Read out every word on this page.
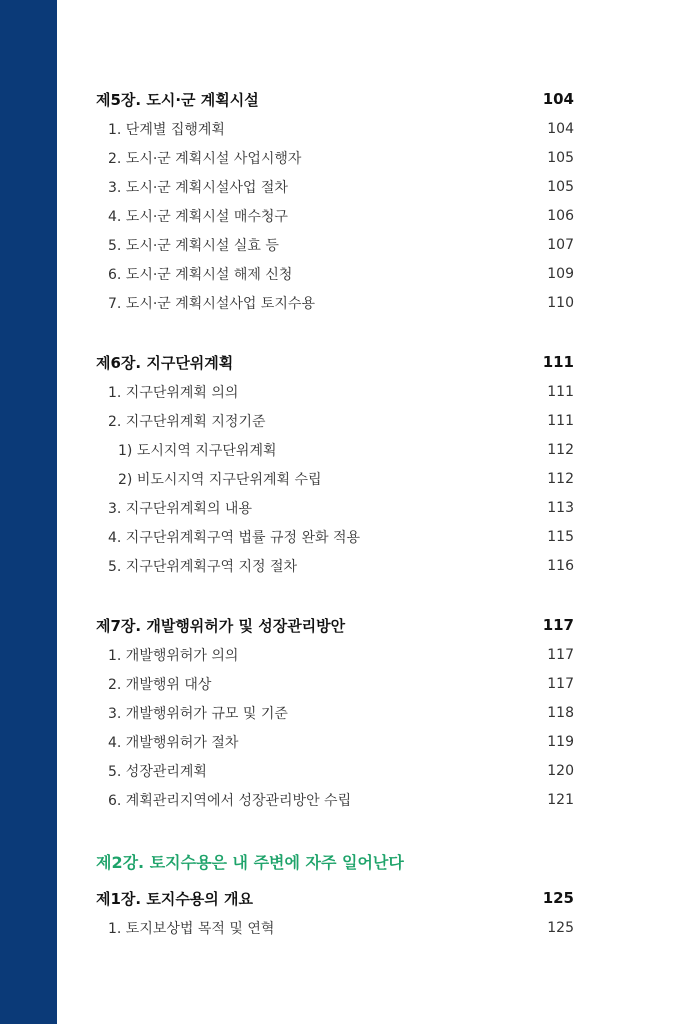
제5장. 도시·군 계획시설	104
1. 단계별 집행계획	104
2. 도시·군 계획시설 사업시행자	105
3. 도시·군 계획시설사업 절차	105
4. 도시·군 계획시설 매수청구	106
5. 도시·군 계획시설 실효 등	107
6. 도시·군 계획시설 해제 신청	109
7. 도시·군 계획시설사업 토지수용	110
제6장. 지구단위계획	111
1. 지구단위계획 의의	111
2. 지구단위계획 지정기준	111
1) 도시지역 지구단위계획	112
2) 비도시지역 지구단위계획 수립	112
3. 지구단위계획의 내용	113
4. 지구단위계획구역 법률 규정 완화 적용	115
5. 지구단위계획구역 지정 절차	116
제7장. 개발행위허가 및 성장관리방안	117
1. 개발행위허가 의의	117
2. 개발행위 대상	117
3. 개발행위허가 규모 및 기준	118
4. 개발행위허가 절차	119
5. 성장관리계획	120
6. 계획관리지역에서 성장관리방안 수립	121
제2강. 토지수용은 내 주변에 자주 일어난다
제1장. 토지수용의 개요	125
1. 토지보상법 목적 및 연혁	125
